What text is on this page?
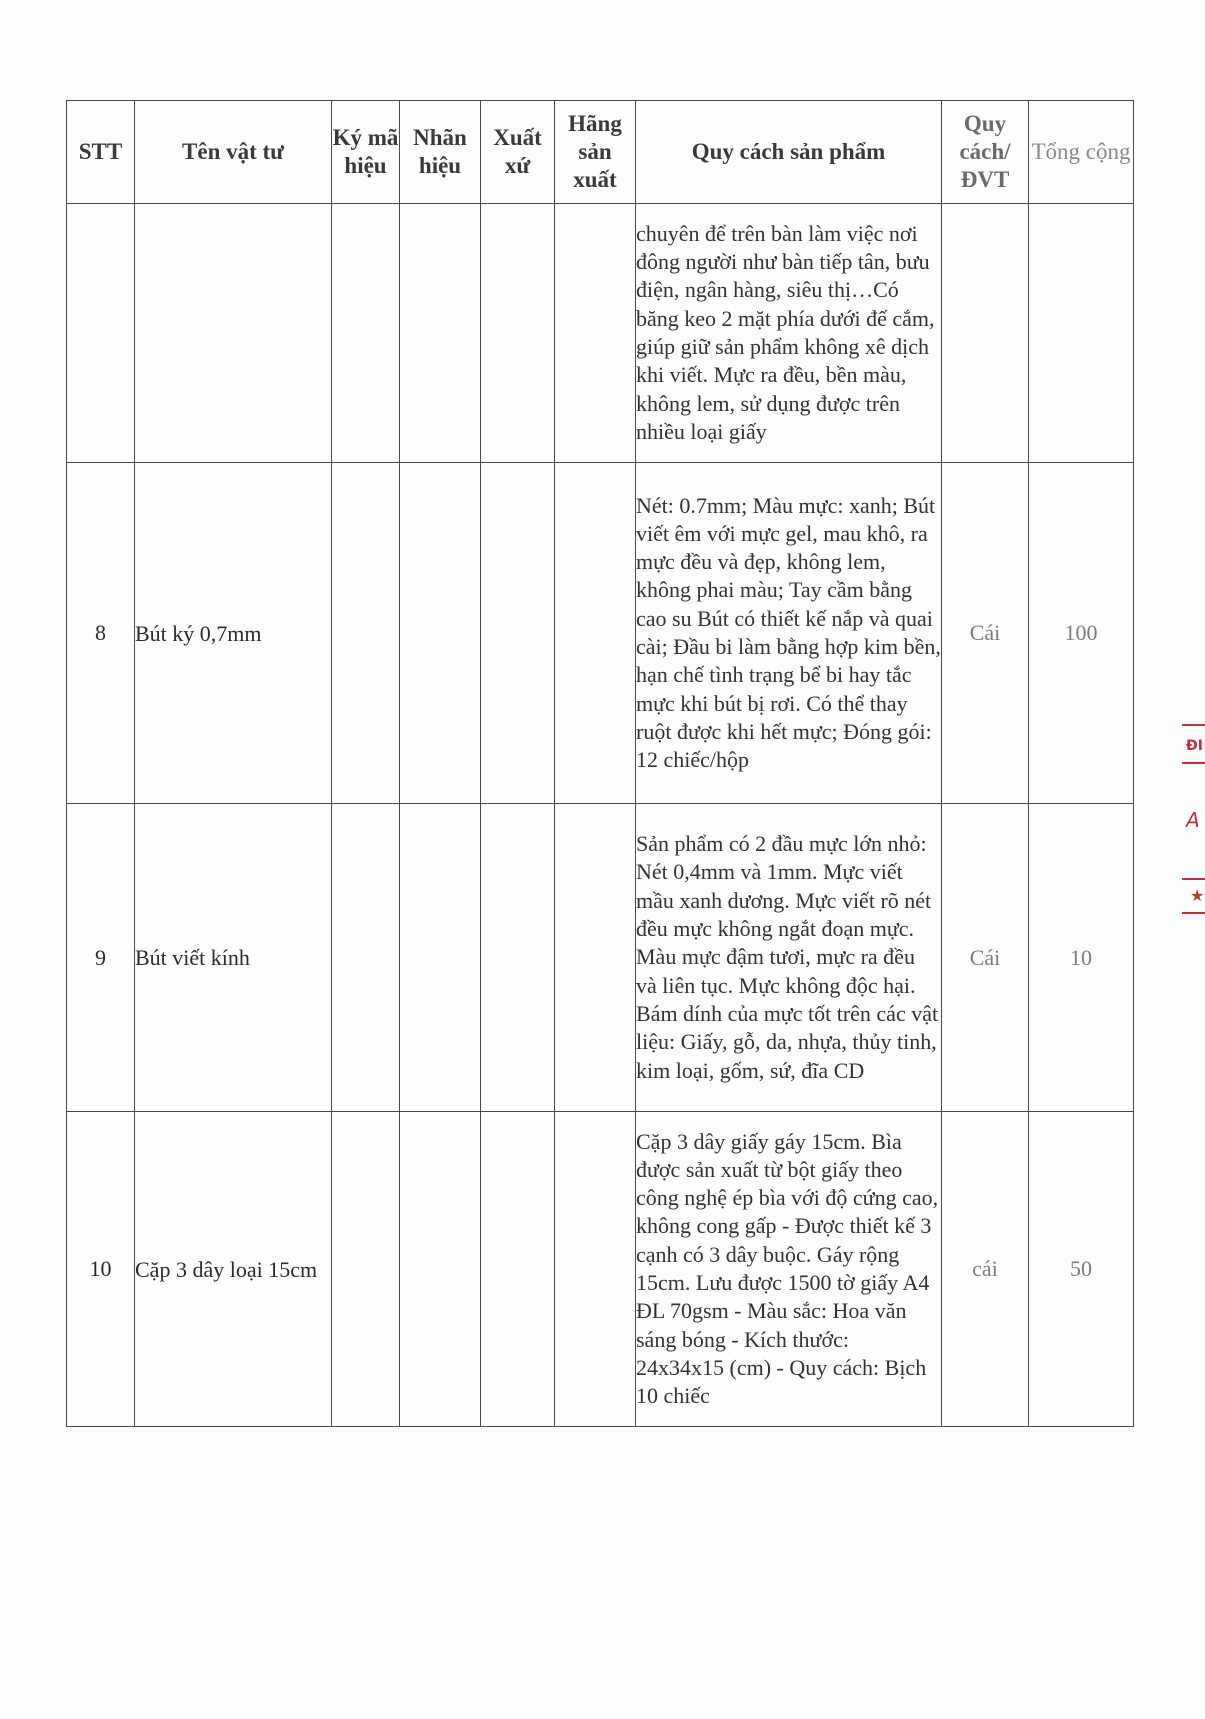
STT	Tên vật tư	Ký mã hiệu	Nhãn hiệu	Xuất xứ	Hãng sản xuất	Quy cách sản phẩm	Quy cách/ ĐVT	Tổng cộng
						chuyên để trên bàn làm việc nơi đông người như bàn tiếp tân, bưu điện, ngân hàng, siêu thị…Có băng keo 2 mặt phía dưới đế cắm, giúp giữ sản phẩm không xê dịch khi viết. Mực ra đều, bền màu, không lem, sử dụng được trên nhiều loại giấy		
8	Bút ký 0,7mm					Nét: 0.7mm; Màu mực: xanh; Bút viết êm với mực gel, mau khô, ra mực đều và đẹp, không lem, không phai màu; Tay cầm bằng cao su Bút có thiết kế nắp và quai cài; Đầu bi làm bằng hợp kim bền, hạn chế tình trạng bể bi hay tắc mực khi bút bị rơi. Có thể thay ruột được khi hết mực; Đóng gói: 12 chiếc/hộp	Cái	100
9	Bút viết kính					Sản phẩm có 2 đầu mực lớn nhỏ: Nét 0,4mm và 1mm. Mực viết mầu xanh dương. Mực viết rõ nét đều mực không ngắt đoạn mực. Màu mực đậm tươi, mực ra đều và liên tục. Mực không độc hại. Bám dính của mực tốt trên các vật liệu: Giấy, gỗ, da, nhựa, thủy tinh, kim loại, gốm, sứ, đĩa CD	Cái	10
10	Cặp 3 dây loại 15cm					Cặp 3 dây giấy gáy 15cm. Bìa được sản xuất từ bột giấy theo công nghệ ép bìa với độ cứng cao, không cong gấp - Được thiết kế 3 cạnh có 3 dây buộc. Gáy rộng 15cm. Lưu được 1500 tờ giấy A4 ĐL 70gsm - Màu sắc: Hoa văn sáng bóng - Kích thước: 24x34x15 (cm) - Quy cách: Bịch 10 chiếc	cái	50
ĐI
A
★
